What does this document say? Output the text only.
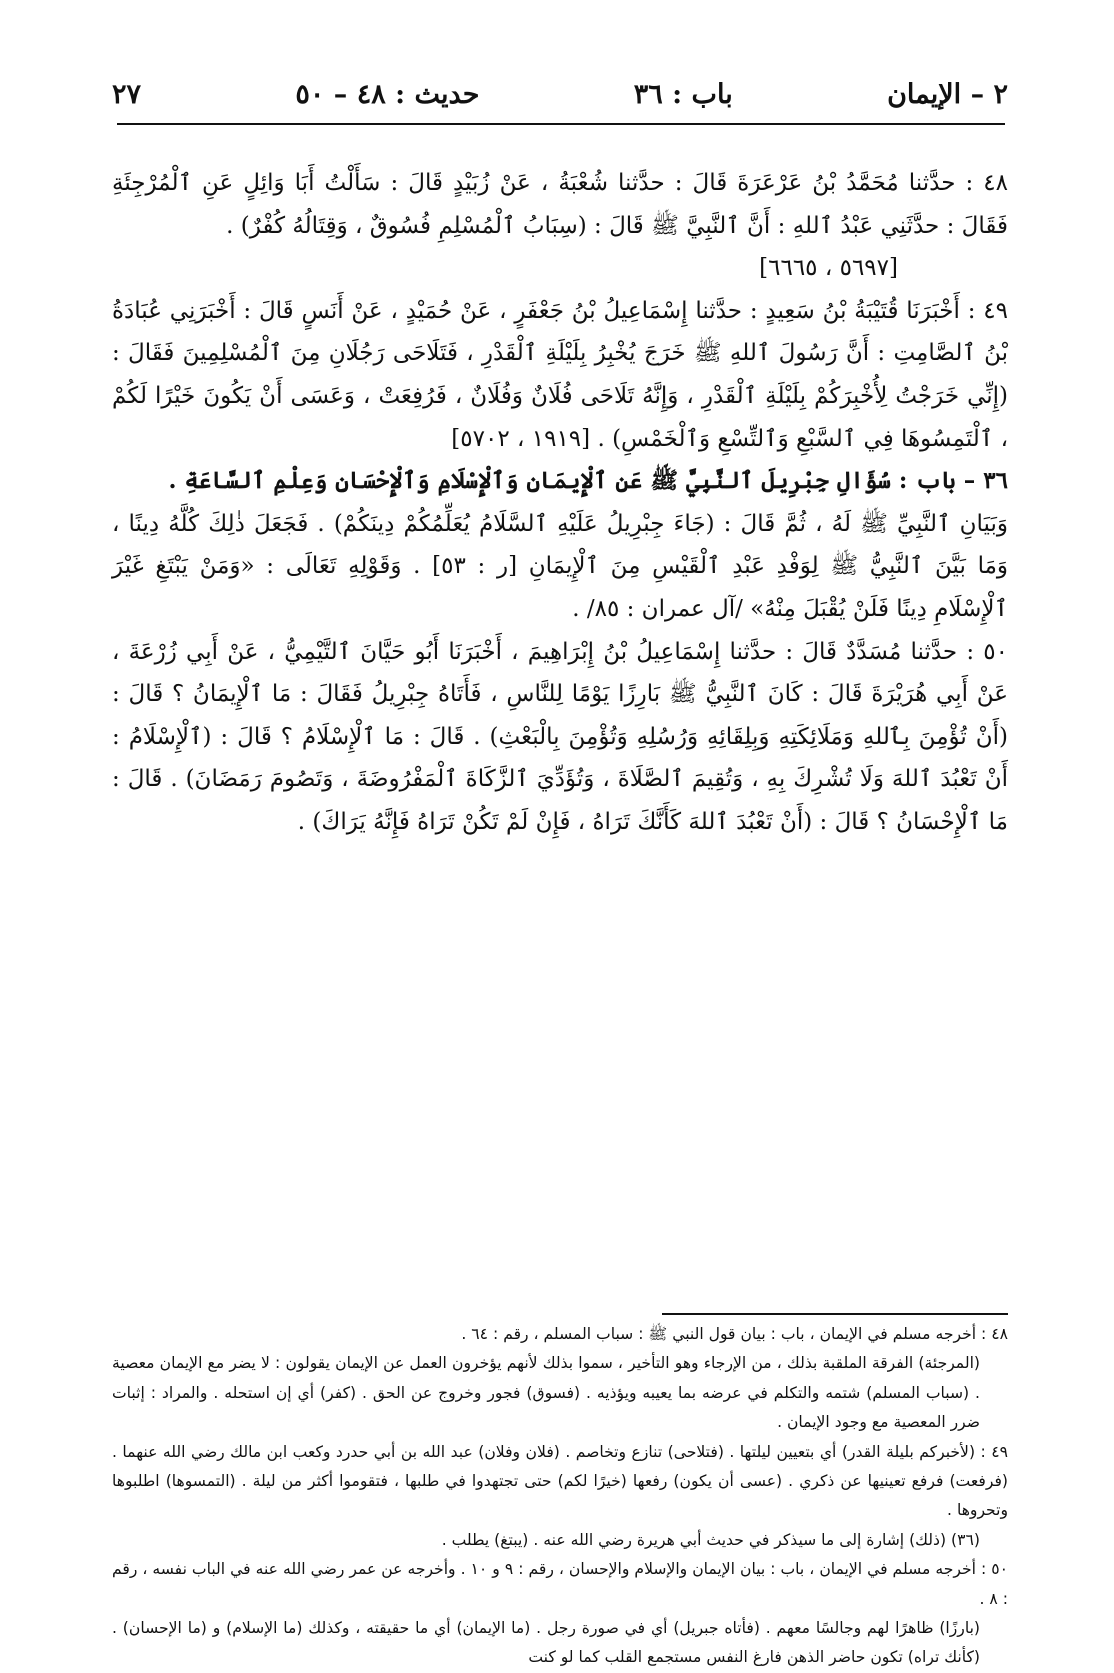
٢ – الإيمان
باب : ٣٦
حديث : ٤٨ – ٥٠
٢٧

٤٨ : حدَّثنا مُحَمَّدُ بْنُ عَرْعَرَةَ قَالَ : حدَّثنا شُعْبَةُ ، عَنْ زُبَيْدٍ قَالَ : سَأَلْتُ أَبَا وَائِلٍ عَنِ ٱلْمُرْجِئَةِ فَقَالَ : حدَّثَنِي عَبْدُ ٱللهِ : أَنَّ ٱلنَّبِيَّ ﷺ قَالَ : (سِبَابُ ٱلْمُسْلِمِ فُسُوقٌ ، وَقِتَالُهُ كُفْرٌ) .

[٥٦٩٧ ، ٦٦٦٥]

٤٩ : أَخْبَرَنَا قُتَيْبَةُ بْنُ سَعِيدٍ : حدَّثنا إِسْمَاعِيلُ بْنُ جَعْفَرٍ ، عَنْ حُمَيْدٍ ، عَنْ أَنَسٍ قَالَ : أَخْبَرَنِي عُبَادَةُ بْنُ ٱلصَّامِتِ : أَنَّ رَسُولَ ٱللهِ ﷺ خَرَجَ يُخْبِرُ بِلَيْلَةِ ٱلْقَدْرِ ، فَتَلَاحَى رَجُلَانِ مِنَ ٱلْمُسْلِمِينَ فَقَالَ : (إِنِّي خَرَجْتُ لِأُخْبِرَكُمْ بِلَيْلَةِ ٱلْقَدْرِ ، وَإِنَّهُ تَلَاحَى فُلَانٌ وَفُلَانٌ ، فَرُفِعَتْ ، وَعَسَى أَنْ يَكُونَ خَيْرًا لَكُمْ ، ٱلْتَمِسُوهَا فِي ٱلسَّبْعِ وَٱلتِّسْعِ وَٱلْخَمْسِ) . [١٩١٩ ، ٥٧٠٢]

٣٦ – باب : سُؤَالِ جِبْرِيلَ ٱلنَّبِيَّ ﷺ عَنِ ٱلْإِيمَانِ وَٱلْإِسْلَامِ وَٱلْإِحْسَانِ وَعِلْمِ ٱلسَّاعَةِ .

وَبَيَانِ ٱلنَّبِيِّ ﷺ لَهُ ، ثُمَّ قَالَ : (جَاءَ جِبْرِيلُ عَلَيْهِ ٱلسَّلَامُ يُعَلِّمُكُمْ دِينَكُمْ) . فَجَعَلَ ذٰلِكَ كُلَّهُ دِينًا ، وَمَا بَيَّنَ ٱلنَّبِيُّ ﷺ لِوَفْدِ عَبْدِ ٱلْقَيْسِ مِنَ ٱلْإِيمَانِ [ر : ٥٣] . وَقَوْلِهِ تَعَالَى : «وَمَنْ يَبْتَغِ غَيْرَ ٱلْإِسْلَامِ دِينًا فَلَنْ يُقْبَلَ مِنْهُ» /آل عمران : ٨٥/ .

٥٠ : حدَّثنا مُسَدَّدٌ قَالَ : حدَّثنا إِسْمَاعِيلُ بْنُ إِبْرَاهِيمَ ، أَخْبَرَنَا أَبُو حَيَّانَ ٱلتَّيْمِيُّ ، عَنْ أَبِي زُرْعَةَ ، عَنْ أَبِي هُرَيْرَةَ قَالَ : كَانَ ٱلنَّبِيُّ ﷺ بَارِزًا يَوْمًا لِلنَّاسِ ، فَأَتَاهُ جِبْرِيلُ فَقَالَ : مَا ٱلْإِيمَانُ ؟ قَالَ : (أَنْ تُؤْمِنَ بِٱللهِ وَمَلَائِكَتِهِ وَبِلِقَائِهِ وَرُسُلِهِ وَتُؤْمِنَ بِالْبَعْثِ) . قَالَ : مَا ٱلْإِسْلَامُ ؟ قَالَ : (ٱلْإِسْلَامُ : أَنْ تَعْبُدَ ٱللهَ وَلَا تُشْرِكَ بِهِ ، وَتُقِيمَ ٱلصَّلَاةَ ، وَتُؤَدِّيَ ٱلزَّكَاةَ ٱلْمَفْرُوضَةَ ، وَتَصُومَ رَمَضَانَ) . قَالَ : مَا ٱلْإِحْسَانُ ؟ قَالَ : (أَنْ تَعْبُدَ ٱللهَ كَأَنَّكَ تَرَاهُ ، فَإِنْ لَمْ تَكُنْ تَرَاهُ فَإِنَّهُ يَرَاكَ) .

٤٨ : أخرجه مسلم في الإيمان ، باب : بيان قول النبي ﷺ : سباب المسلم ، رقم : ٦٤ .

(المرجئة) الفرقة الملقبة بذلك ، من الإرجاء وهو التأخير ، سموا بذلك لأنهم يؤخرون العمل عن الإيمان يقولون : لا يضر مع الإيمان معصية . (سباب المسلم) شتمه والتكلم في عرضه بما يعيبه ويؤذيه . (فسوق) فجور وخروج عن الحق . (كفر) أي إن استحله . والمراد : إثبات ضرر المعصية مع وجود الإيمان .

٤٩ : (لأخبركم بليلة القدر) أي بتعيين ليلتها . (فتلاحى) تنازع وتخاصم . (فلان وفلان) عبد الله بن أبي حدرد وكعب ابن مالك رضي الله عنهما . (فرفعت) فرفع تعينيها عن ذكري . (عسى أن يكون) رفعها (خيرًا لكم) حتى تجتهدوا في طلبها ، فتقوموا أكثر من ليلة . (التمسوها) اطلبوها وتحروها .

(٣٦) (ذلك) إشارة إلى ما سيذكر في حديث أبي هريرة رضي الله عنه . (يبتغ) يطلب .

٥٠ : أخرجه مسلم في الإيمان ، باب : بيان الإيمان والإسلام والإحسان ، رقم : ٩ و ١٠ . وأخرجه عن عمر رضي الله عنه في الباب نفسه ، رقم : ٨ .

(بارزًا) ظاهرًا لهم وجالسًا معهم . (فأتاه جبريل) أي في صورة رجل . (ما الإيمان) أي ما حقيقته ، وكذلك (ما الإسلام) و (ما الإحسان) . (كأنك تراه) تكون حاضر الذهن فارغ النفس مستجمع القلب كما لو كنت
